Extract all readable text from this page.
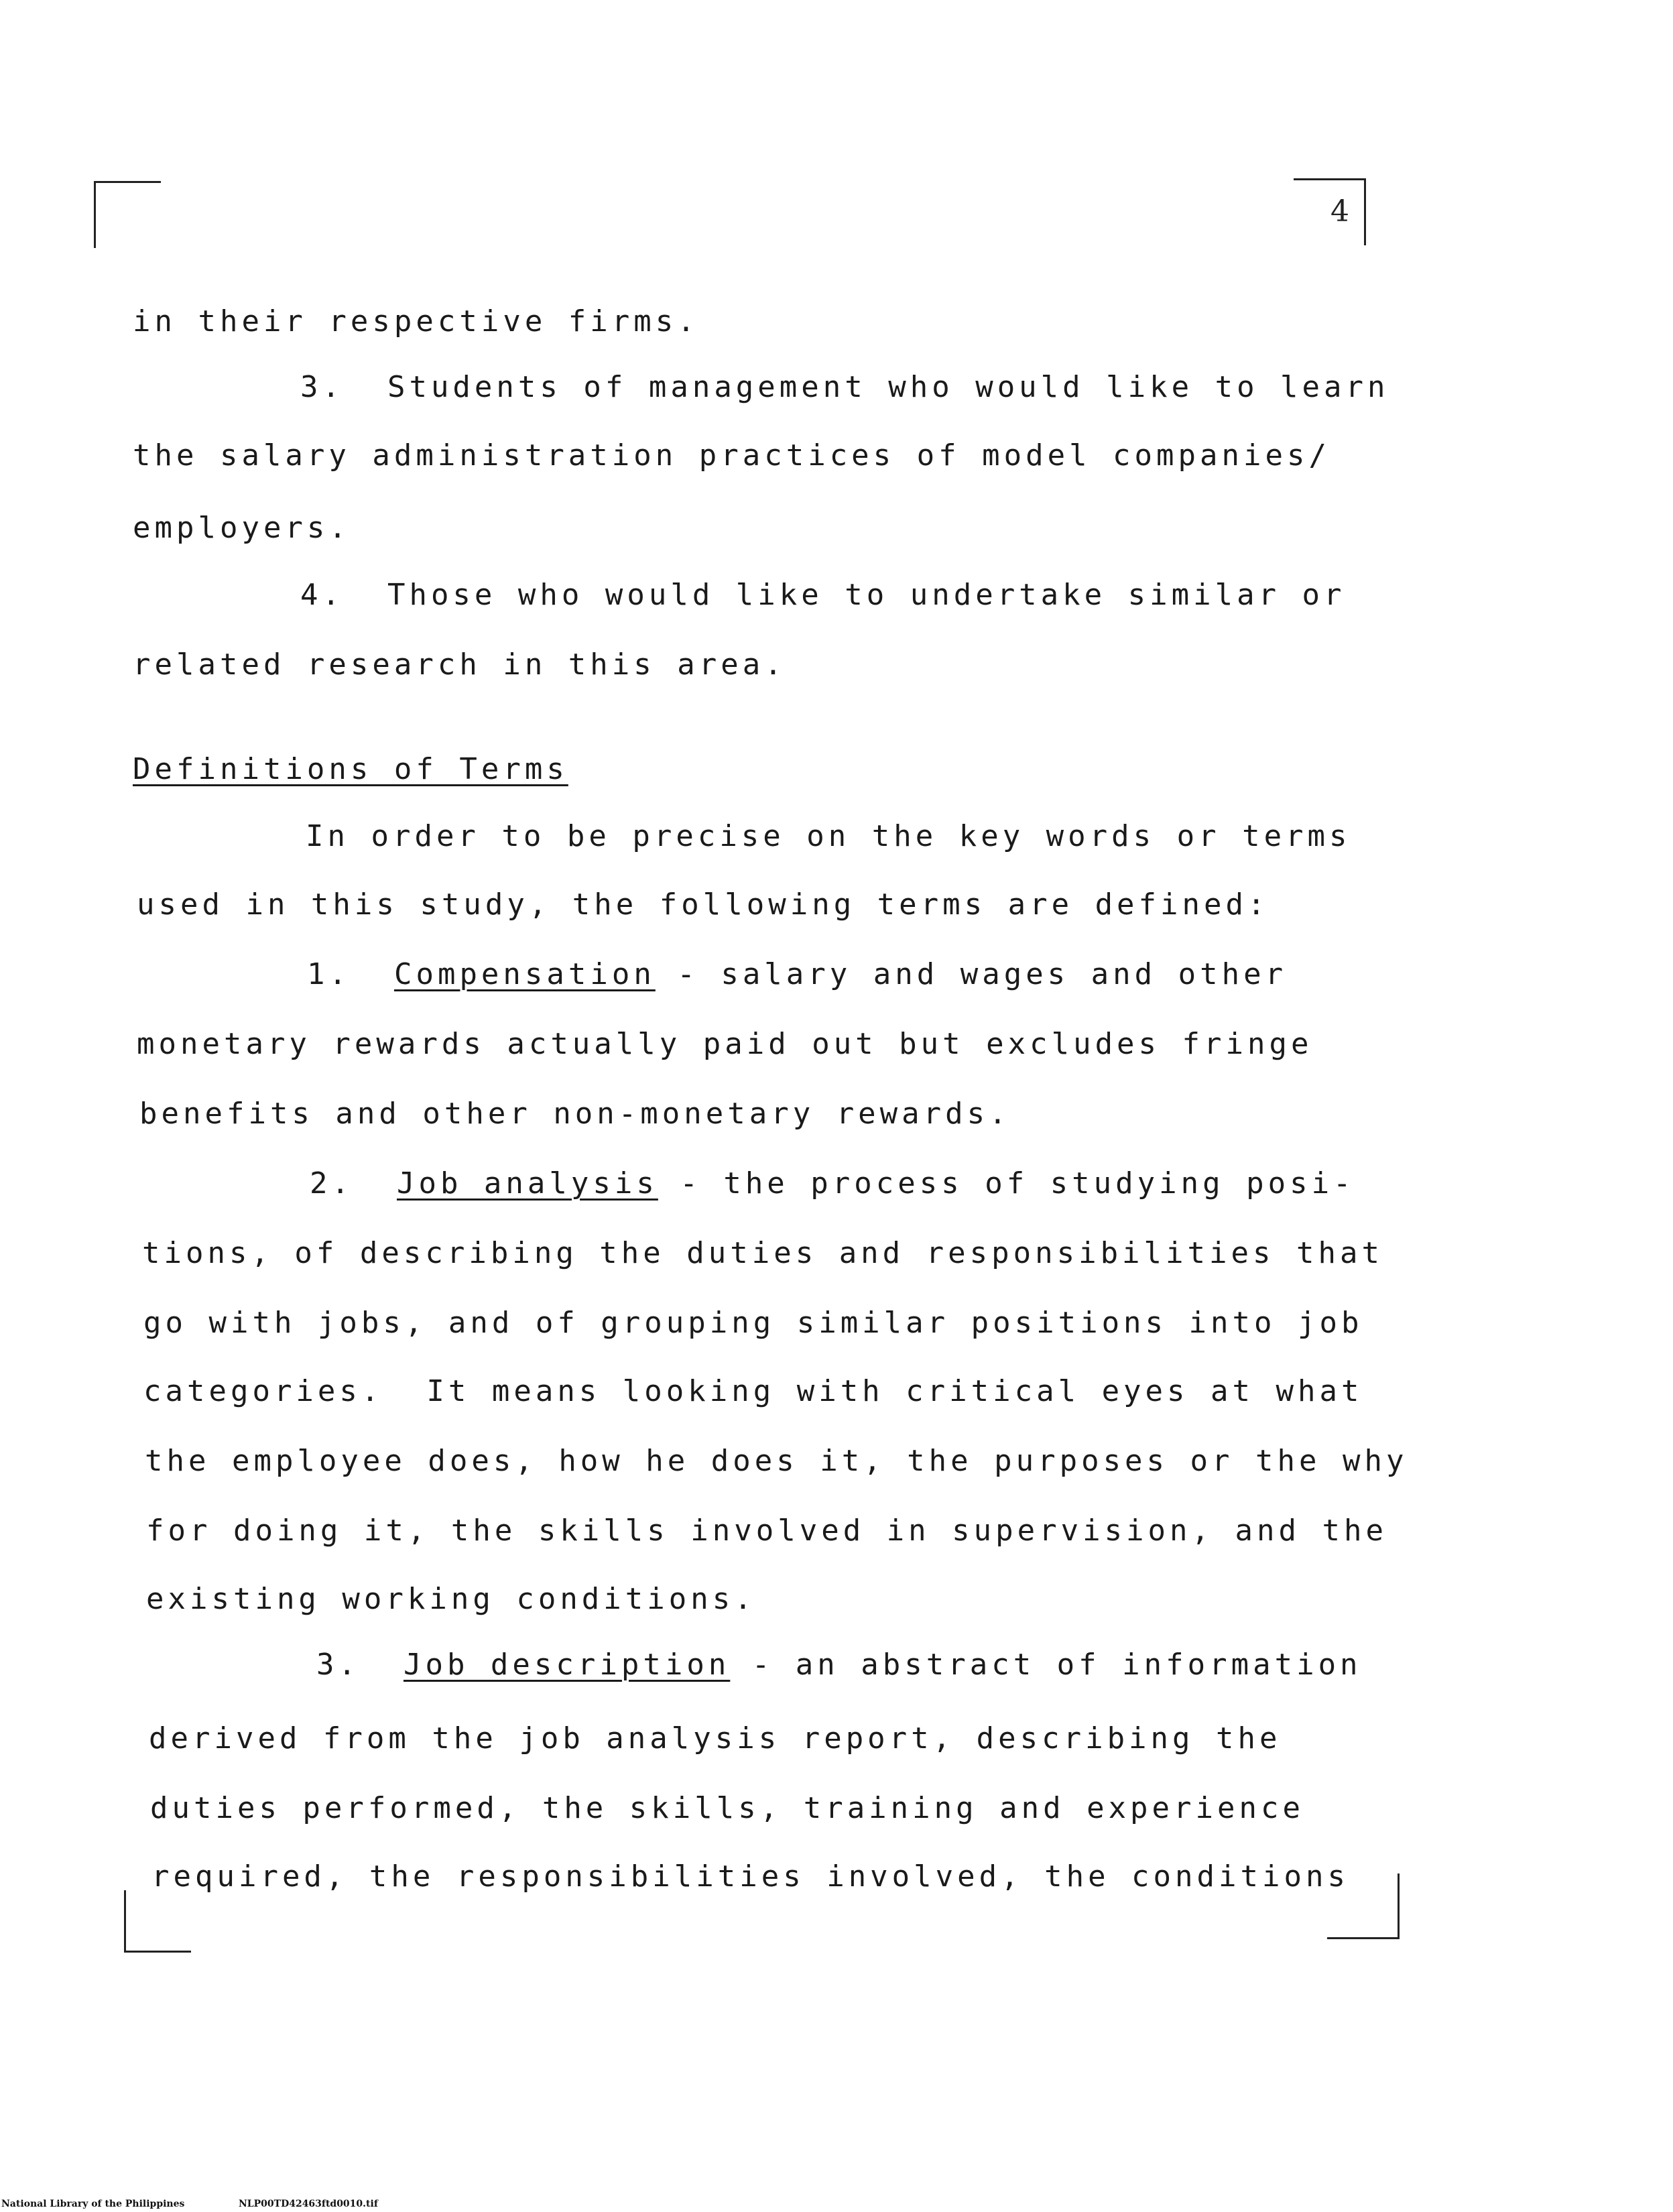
4
in their respective firms.
3.  Students of management who would like to learn
the salary administration practices of model companies/
employers.
4.  Those who would like to undertake similar or
related research in this area.
Definitions of Terms
In order to be precise on the key words or terms
used in this study, the following terms are defined:
1.  Compensation - salary and wages and other
monetary rewards actually paid out but excludes fringe
benefits and other non-monetary rewards.
2.  Job analysis - the process of studying posi-
tions, of describing the duties and responsibilities that
go with jobs, and of grouping similar positions into job
categories.  It means looking with critical eyes at what
the employee does, how he does it, the purposes or the why
for doing it, the skills involved in supervision, and the
existing working conditions.
3.  Job description - an abstract of information
derived from the job analysis report, describing the
duties performed, the skills, training and experience
required, the responsibilities involved, the conditions
National Library of the Philippines	NLP00TD42463ftd0010.tif
